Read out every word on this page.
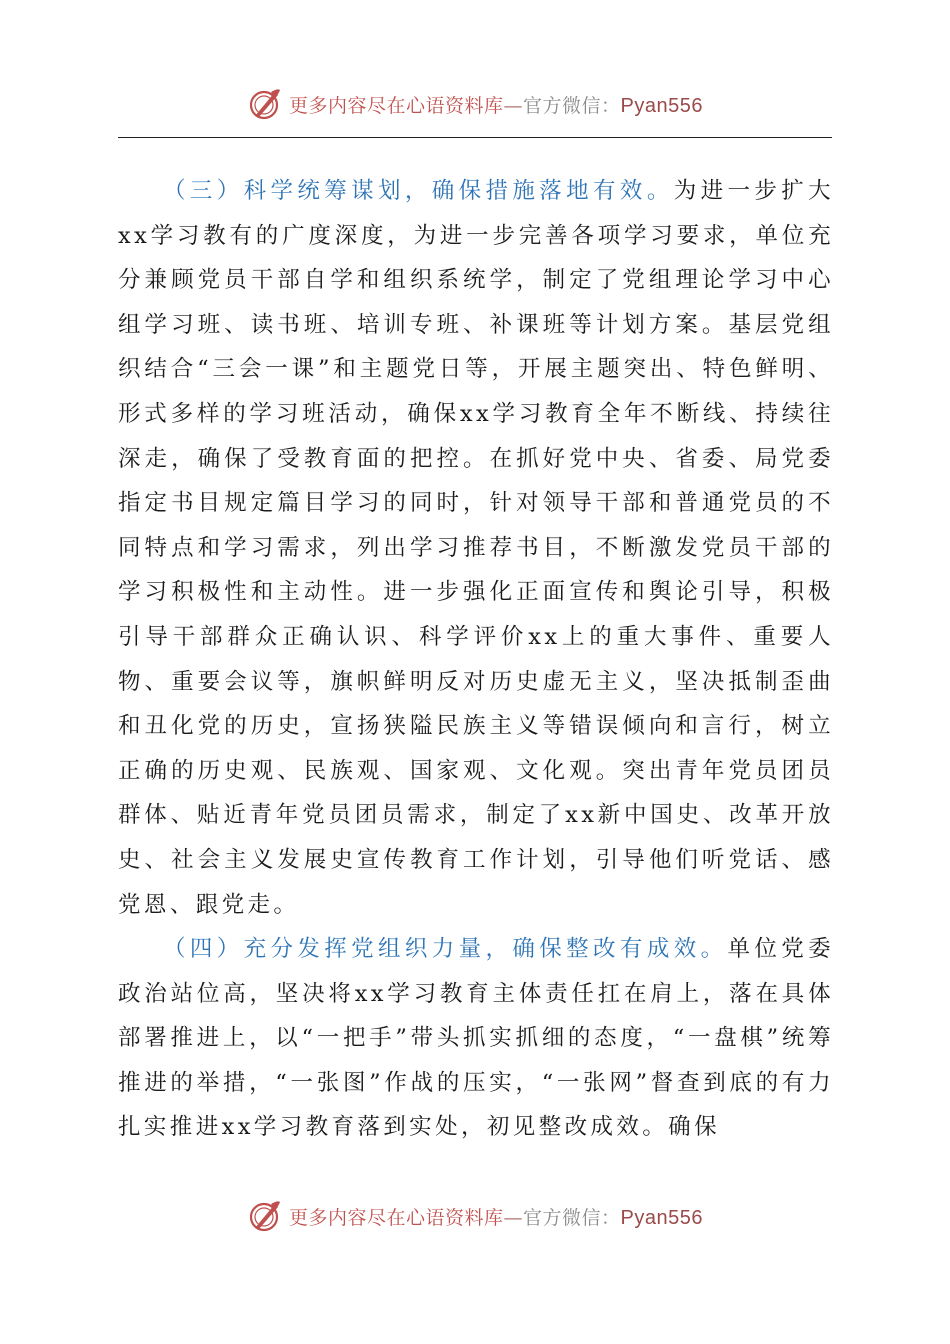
更多内容尽在心语资料库—官方微信：Pyan556

（三）科学统筹谋划，确保措施落地有效。为进一步扩大xx学习教有的广度深度，为进一步完善各项学习要求，单位充分兼顾党员干部自学和组织系统学，制定了党组理论学习中心组学习班、读书班、培训专班、补课班等计划方案。基层党组织结合“三会一课”和主题党日等，开展主题突出、特色鲜明、形式多样的学习班活动，确保xx学习教育全年不断线、持续往深走，确保了受教育面的把控。在抓好党中央、省委、局党委指定书目规定篇目学习的同时，针对领导干部和普通党员的不同特点和学习需求，列出学习推荐书目，不断激发党员干部的学习积极性和主动性。进一步强化正面宣传和舆论引导，积极引导干部群众正确认识、科学评价xx上的重大事件、重要人物、重要会议等，旗帜鲜明反对历史虚无主义，坚决抵制歪曲和丑化党的历史，宣扬狭隘民族主义等错误倾向和言行，树立正确的历史观、民族观、国家观、文化观。突出青年党员团员群体、贴近青年党员团员需求，制定了xx新中国史、改革开放史、社会主义发展史宣传教育工作计划，引导他们听党话、感党恩、跟党走。

（四）充分发挥党组织力量，确保整改有成效。单位党委政治站位高，坚决将xx学习教育主体责任扛在肩上，落在具体部署推进上，以“一把手”带头抓实抓细的态度，“一盘棋”统筹推进的举措，“一张图”作战的压实，“一张网”督查到底的有力扎实推进xx学习教育落到实处，初见整改成效。确保

更多内容尽在心语资料库—官方微信：Pyan556
